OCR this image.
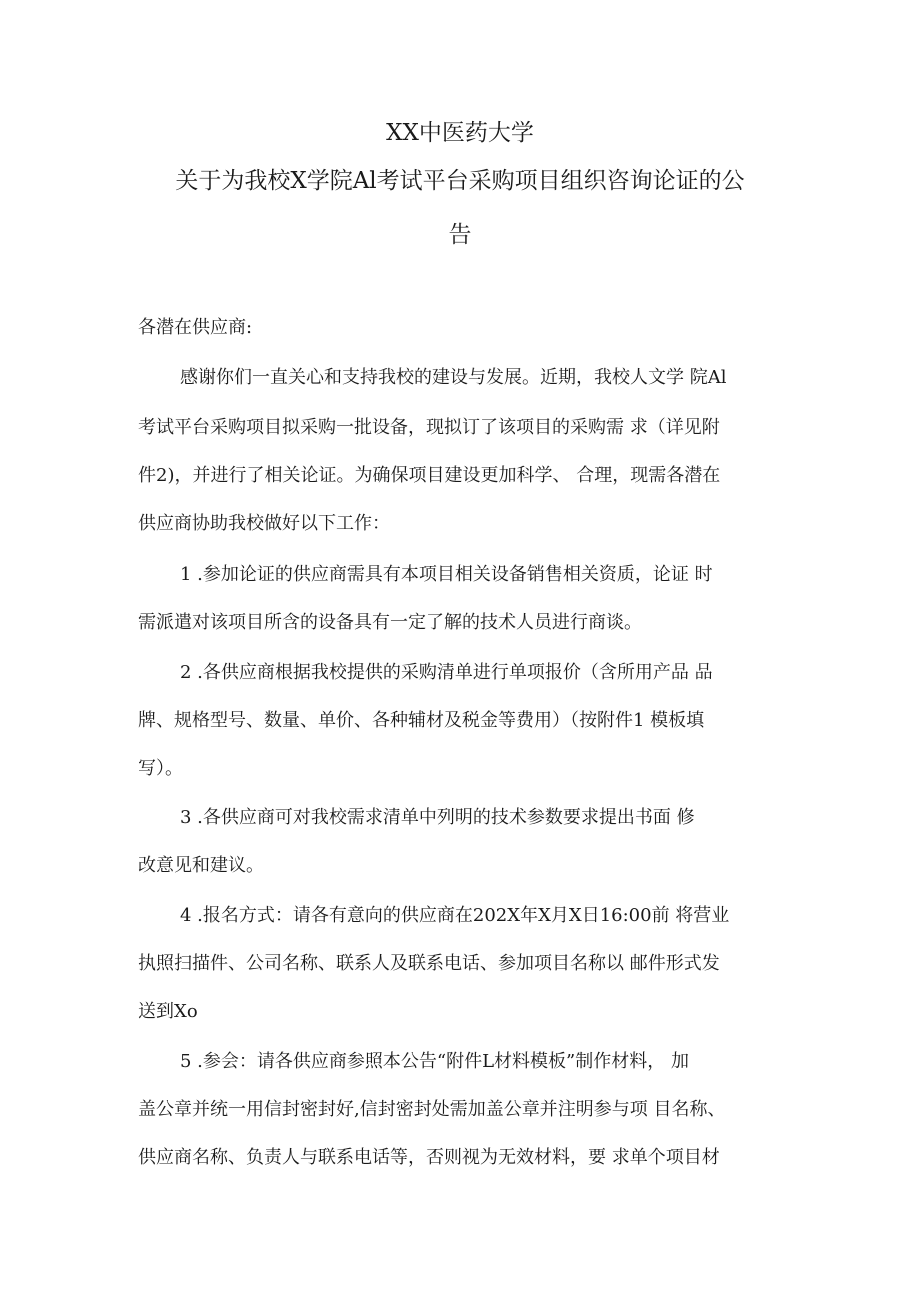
XX中医药大学
关于为我校X学院Al考试平台采购项目组织咨询论证的公
告
各潜在供应商:
感谢你们一直关心和支持我校的建设与发展。近期，我校人文学 院Al
考试平台采购项目拟采购一批设备，现拟订了该项目的采购需 求（详见附
件2)，并进行了相关论证。为确保项目建设更加科学、 合理，现需各潜在
供应商协助我校做好以下工作：
1 .参加论证的供应商需具有本项目相关设备销售相关资质，论证 时
需派遣对该项目所含的设备具有一定了解的技术人员进行商谈。
2 .各供应商根据我校提供的采购清单进行单项报价（含所用产品 品
牌、规格型号、数量、单价、各种辅材及税金等费用）（按附件1 模板填
写）。
3 .各供应商可对我校需求清单中列明的技术参数要求提出书面 修
改意见和建议。
4 .报名方式：请各有意向的供应商在202X年X月X日16:00前 将营业
执照扫描件、公司名称、联系人及联系电话、参加项目名称以 邮件形式发
送到Xo
5 .参会：请各供应商参照本公告“附件L材料模板”制作材料， 加
盖公章并统一用信封密封好,信封密封处需加盖公章并注明参与项 目名称、
供应商名称、负责人与联系电话等，否则视为无效材料，要 求单个项目材
